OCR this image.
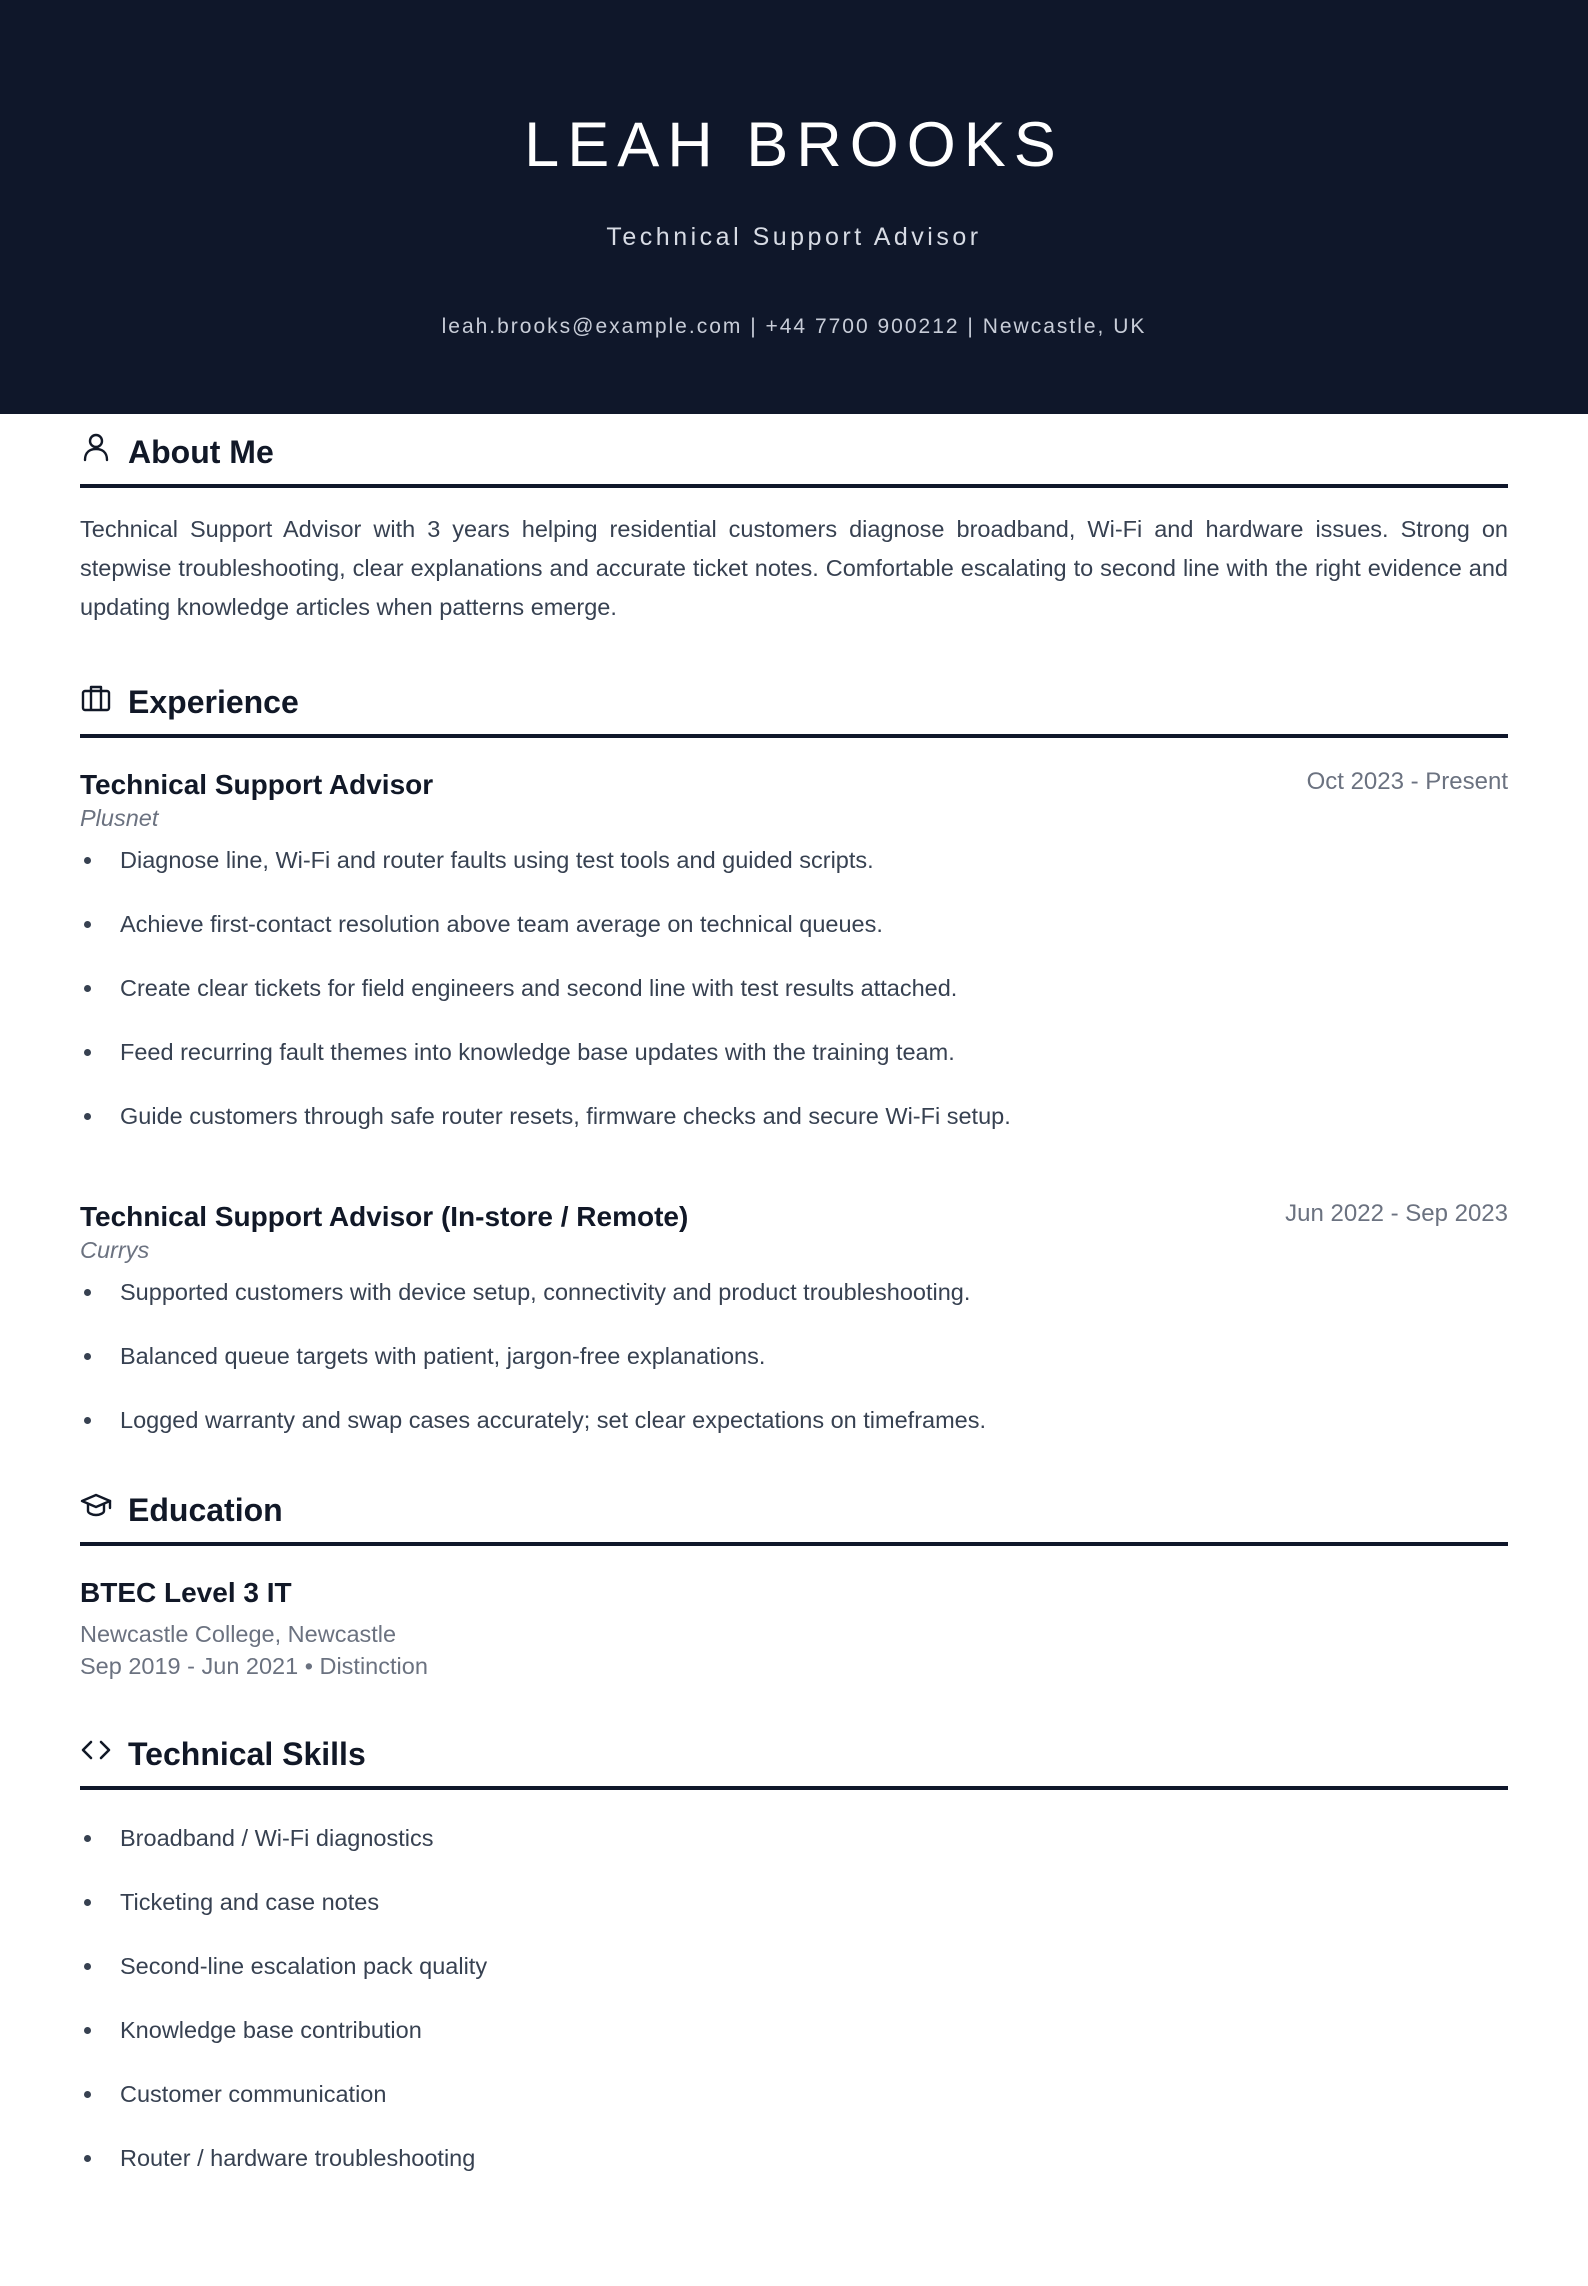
LEAH BROOKS
Technical Support Advisor
leah.brooks@example.com | +44 7700 900212 | Newcastle, UK
About Me
Technical Support Advisor with 3 years helping residential customers diagnose broadband, Wi-Fi and hardware issues. Strong on stepwise troubleshooting, clear explanations and accurate ticket notes. Comfortable escalating to second line with the right evidence and updating knowledge articles when patterns emerge.
Experience
Technical Support Advisor	Oct 2023 - Present
Plusnet
Diagnose line, Wi-Fi and router faults using test tools and guided scripts.
Achieve first-contact resolution above team average on technical queues.
Create clear tickets for field engineers and second line with test results attached.
Feed recurring fault themes into knowledge base updates with the training team.
Guide customers through safe router resets, firmware checks and secure Wi-Fi setup.
Technical Support Advisor (In-store / Remote)	Jun 2022 - Sep 2023
Currys
Supported customers with device setup, connectivity and product troubleshooting.
Balanced queue targets with patient, jargon-free explanations.
Logged warranty and swap cases accurately; set clear expectations on timeframes.
Education
BTEC Level 3 IT
Newcastle College, Newcastle
Sep 2019 - Jun 2021 • Distinction
Technical Skills
Broadband / Wi-Fi diagnostics
Ticketing and case notes
Second-line escalation pack quality
Knowledge base contribution
Customer communication
Router / hardware troubleshooting
